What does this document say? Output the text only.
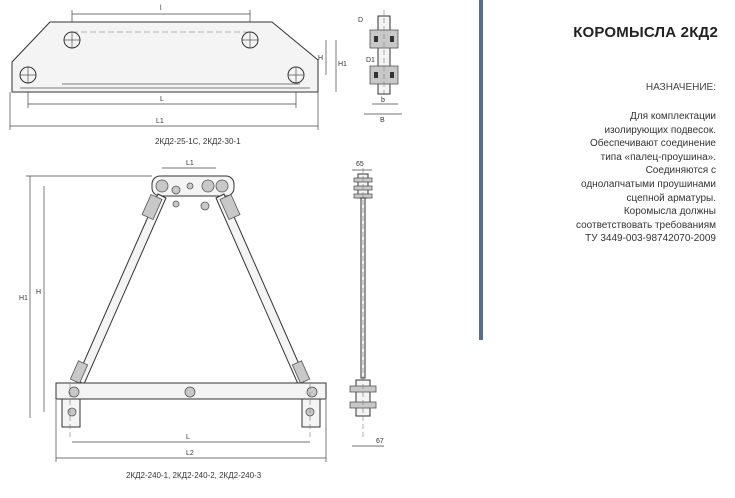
l
H
H1
L
L1
2КД2-25-1С, 2КД2-30-1
D
D1
b
B
L1
H1
H
L
L2
2КД2-240-1, 2КД2-240-2, 2КД2-240-3
65
67
КОРОМЫСЛА 2КД2
НАЗНАЧЕНИЕ:
Для комплектации
изолирующих подвесок.
Обеспечивают соединение
типа «палец-проушина».
Соединяются с
однолапчатыми проушинами
сцепной арматуры.
Коромысла должны
соответствовать требованиям
ТУ 3449-003-98742070-2009
